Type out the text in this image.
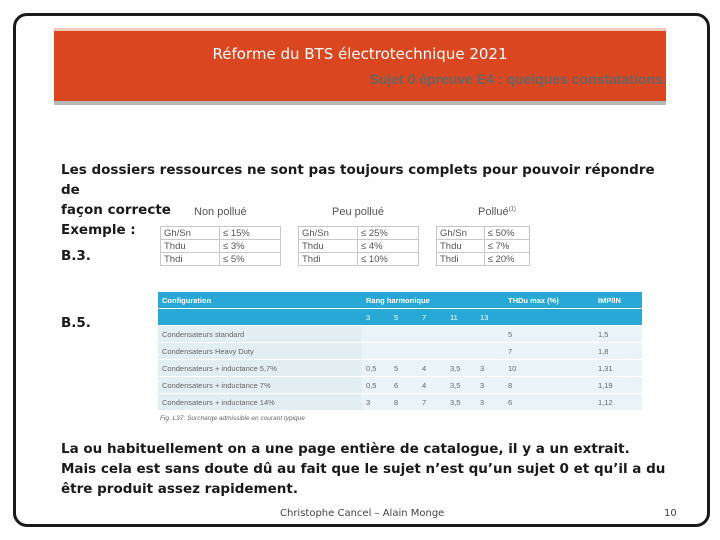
Réforme du BTS électrotechnique 2021
Sujet 0 épreuve E4 : quelques constatations.
Les dossiers ressources ne sont pas toujours complets pour pouvoir répondre de
façon correcte
Exemple :
Non pollué	Peu pollué	Pollué$^{(1)}$
Gh/Sn	≤ 15%
Thdu	≤ 3%
Thdi	≤ 5%
Gh/Sn	≤ 25%
Thdu	≤ 4%
Thdi	≤ 10%
Gh/Sn	≤ 50%
Thdu	≤ 7%
Thdi	≤ 20%
B.3.
B.5.
Configuration	Rang harmonique					THDu max (%)	IMP/IN
	3	5	7	11	13		
Condensateurs standard						5	1,5
Condensateurs Heavy Duty						7	1,8
Condensateurs + inductance 5,7%	0,5	5	4	3,5	3	10	1,31
Condensateurs + inductance 7%	0,5	6	4	3,5	3	8	1,19
Condensateurs + inductance 14%	3	8	7	3,5	3	6	1,12
Fig. L37: Surcharge admissible en courant typique
La ou habituellement on a une page entière de catalogue, il y a un extrait.
Mais cela est sans doute dû au fait que le sujet n’est qu’un sujet 0 et qu’il a du
être produit assez rapidement.
Christophe Cancel – Alain Monge	10
